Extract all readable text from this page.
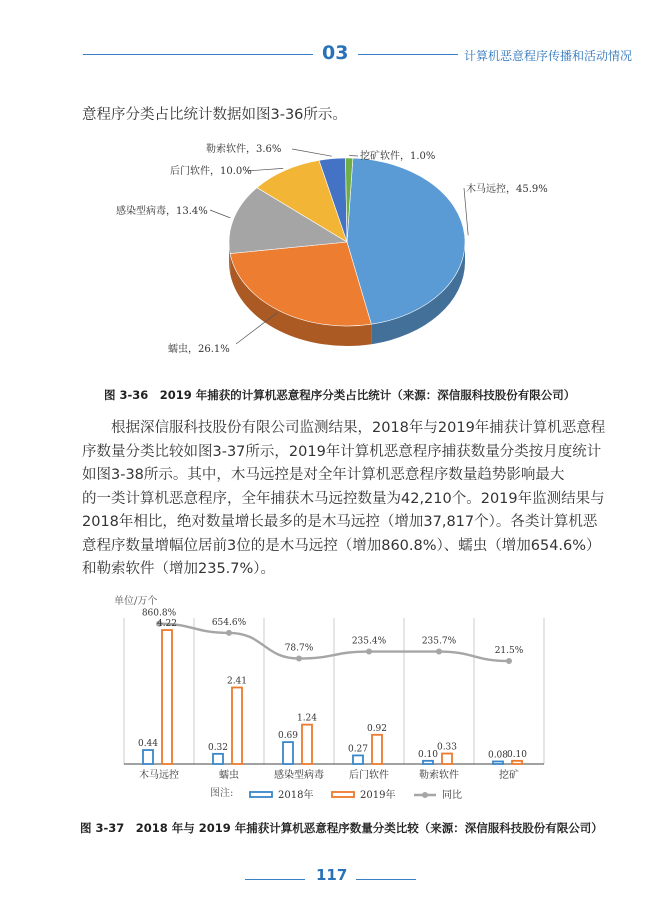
03	计算机恶意程序传播和活动情况
意程序分类占比统计数据如图3-36所示。
木马远控，45.9%
蠕虫，26.1%
感染型病毒，13.4%
后门软件，10.0%
勒索软件，3.6%
挖矿软件，1.0%
图 3-36　2019 年捕获的计算机恶意程序分类占比统计（来源：深信服科技股份有限公司）
　　根据深信服科技股份有限公司监测结果，2018年与2019年捕获计算机恶意程
序数量分类比较如图3-37所示，2019年计算机恶意程序捕获数量分类按月度统计
如图3-38所示。其中，木马远控是对全年计算机恶意程序数量趋势影响最大
的一类计算机恶意程序，全年捕获木马远控数量为42,210个。2019年监测结果与
2018年相比，绝对数量增长最多的是木马远控（增加37,817个）。各类计算机恶
意程序数量增幅位居前3位的是木马远控（增加860.8%）、蠕虫（增加654.6%）
和勒索软件（增加235.7%）。
单位/万个
860.8%
654.6%
78.7%
235.4%	235.7%
21.5%
0.44
4.22
0.32
2.41
0.69
1.24
0.27
0.92
0.10
0.33
0.08
0.10
木马远控	蠕虫	感染型病毒	后门软件	勒索软件	挖矿
图注:	2018年	2019年	同比
图 3-37　2018 年与 2019 年捕获计算机恶意程序数量分类比较（来源：深信服科技股份有限公司）
117
